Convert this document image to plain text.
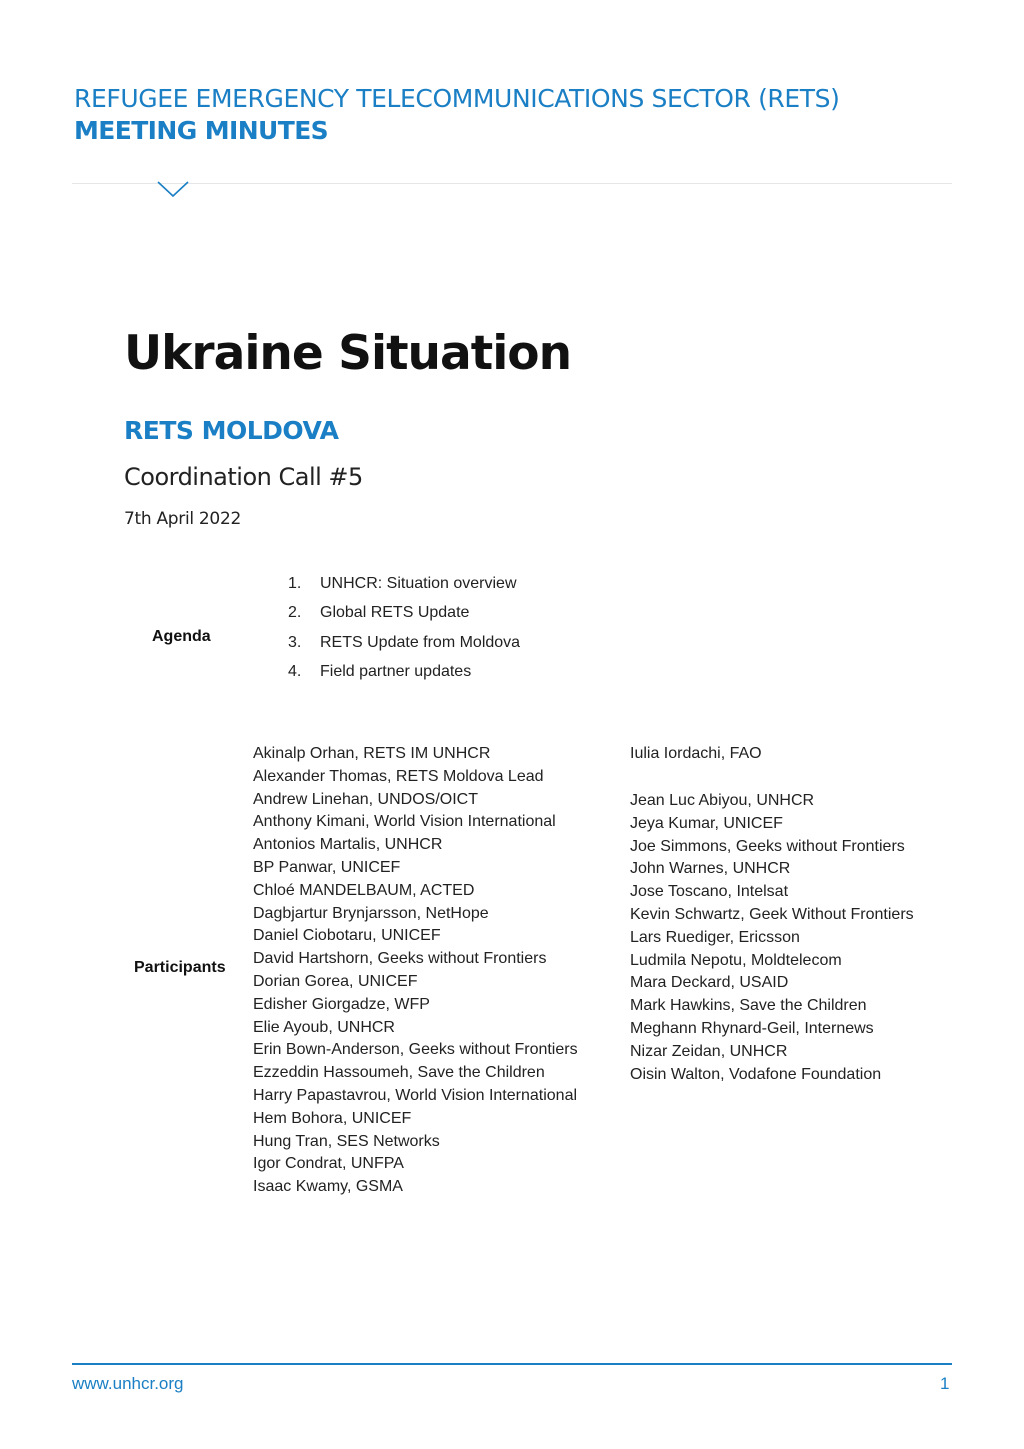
REFUGEE EMERGENCY TELECOMMUNICATIONS SECTOR (RETS)
MEETING MINUTES
Ukraine Situation
RETS MOLDOVA
Coordination Call #5
7th April 2022
Agenda
1. UNHCR: Situation overview
2. Global RETS Update
3. RETS Update from Moldova
4. Field partner updates
Participants
Akinalp Orhan, RETS IM UNHCR
Alexander Thomas, RETS Moldova Lead
Andrew Linehan, UNDOS/OICT
Anthony Kimani, World Vision International
Antonios Martalis, UNHCR
BP Panwar, UNICEF
Chloé MANDELBAUM, ACTED
Dagbjartur Brynjarsson, NetHope
Daniel Ciobotaru, UNICEF
David Hartshorn, Geeks without Frontiers
Dorian Gorea, UNICEF
Edisher Giorgadze, WFP
Elie Ayoub, UNHCR
Erin Bown-Anderson, Geeks without Frontiers
Ezzeddin Hassoumeh, Save the Children
Harry Papastavrou, World Vision International
Hem Bohora, UNICEF
Hung Tran, SES Networks
Igor Condrat, UNFPA
Isaac Kwamy, GSMA
Iulia Iordachi, FAO
Jean Luc Abiyou, UNHCR
Jeya Kumar, UNICEF
Joe Simmons, Geeks without Frontiers
John Warnes, UNHCR
Jose Toscano, Intelsat
Kevin Schwartz, Geek Without Frontiers
Lars Ruediger, Ericsson
Ludmila Nepotu, Moldtelecom
Mara Deckard, USAID
Mark Hawkins, Save the Children
Meghann Rhynard-Geil, Internews
Nizar Zeidan, UNHCR
Oisin Walton, Vodafone Foundation
www.unhcr.org	1
